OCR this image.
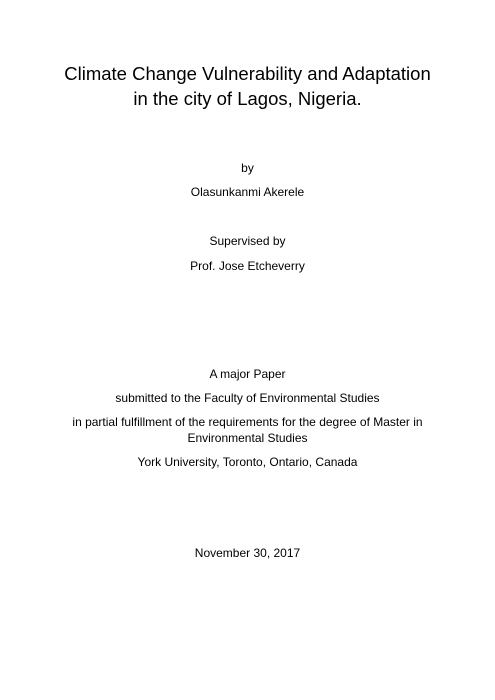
Climate Change Vulnerability and Adaptation
in the city of Lagos, Nigeria.
by
Olasunkanmi Akerele
Supervised by
Prof. Jose Etcheverry
A major Paper
submitted to the Faculty of Environmental Studies
in partial fulfillment of the requirements for the degree of Master in
Environmental Studies
York University, Toronto, Ontario, Canada
November 30, 2017
